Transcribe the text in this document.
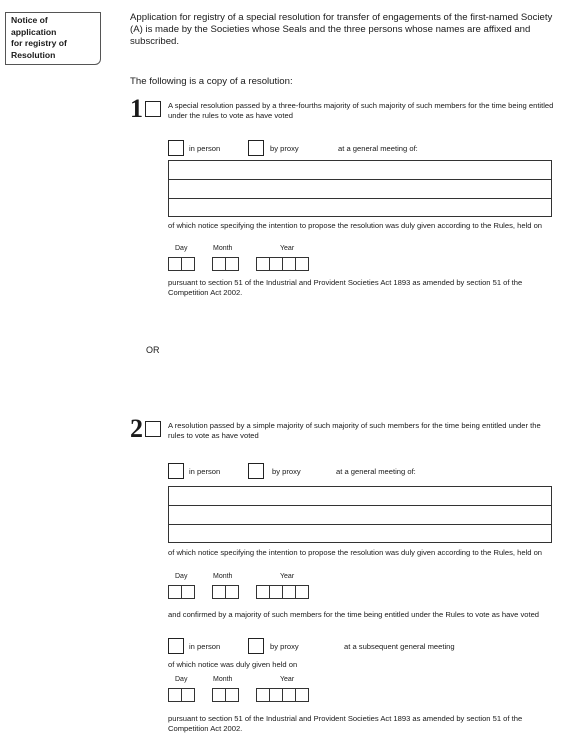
Notice of
application
for registry of
Resolution
Application for registry of a special resolution for transfer of engagements of the first-named Society (A) is made by the Societies whose Seals and the three persons whose names are affixed and subscribed.
The following is a copy of a resolution:
1	A special resolution passed by a three-fourths majority of such majority of such members for the time being entitled under the rules to vote as have voted
in person	by proxy	at a general meeting of:
of which notice specifying the intention to propose the resolution was duly given according to the Rules, held on
Day	Month	Year
pursuant to section 51 of the Industrial and Provident Societies Act 1893 as amended by section 51 of the Competition Act 2002.
OR
2	A resolution passed by a simple majority of such majority of such members for the time being entitled under the rules to vote as have voted
in person	by proxy	at a general meeting of:
of which notice specifying the intention to propose the resolution was duly given according to the Rules, held on
Day	Month	Year
and confirmed by a majority of such members for the time being entitled under the Rules to vote as have voted
in person	by proxy	at a subsequent general meeting
of which notice was duly given held on
Day	Month	Year
pursuant to section 51 of the Industrial and Provident Societies Act 1893 as amended by section 51 of the Competition Act 2002.
